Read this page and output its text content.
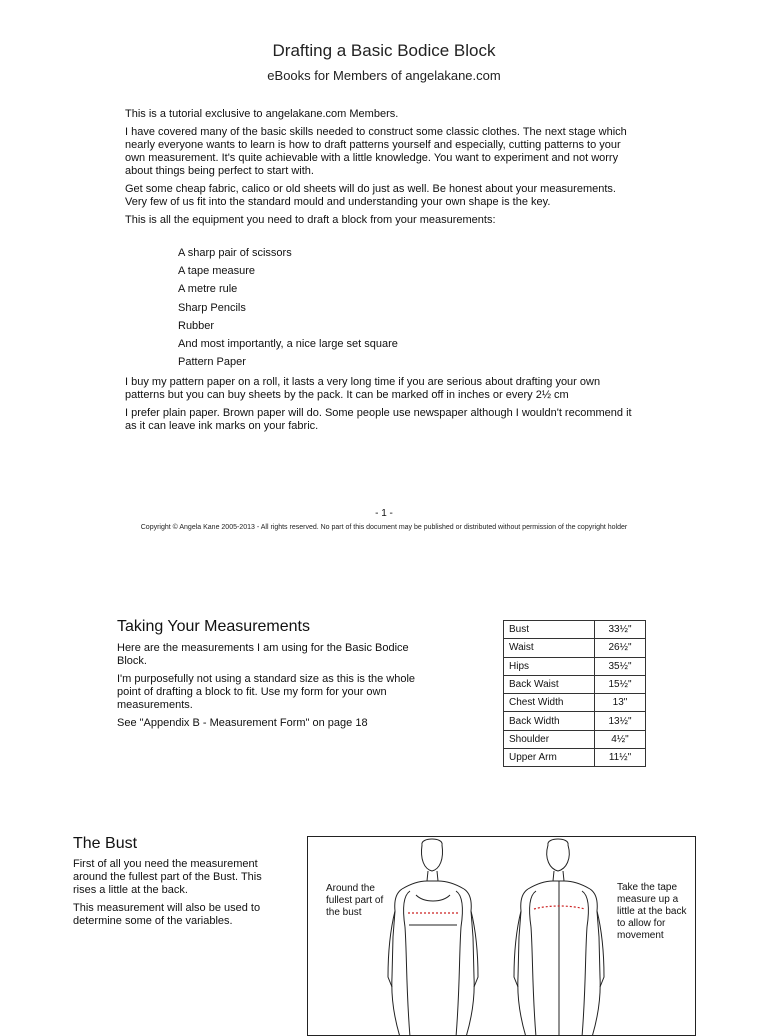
Drafting a Basic Bodice Block
eBooks for Members of angelakane.com

This is a tutorial exclusive to angelakane.com Members.

I have covered many of the basic skills needed to construct some classic clothes. The next stage which nearly everyone wants to learn is how to draft patterns yourself and especially, cutting patterns to your own measurement. It's quite achievable with a little knowledge. You want to experiment and not worry about things being perfect to start with.

Get some cheap fabric, calico or old sheets will do just as well. Be honest about your measurements. Very few of us fit into the standard mould and understanding your own shape is the key.

This is all the equipment you need to draft a block from your measurements:

A sharp pair of scissors
A tape measure
A metre rule
Sharp Pencils
Rubber
And most importantly, a nice large set square
Pattern Paper

I buy my pattern paper on a roll, it lasts a very long time if you are serious about drafting your own patterns but you can buy sheets by the pack. It can be marked off in inches or every 2½ cm

I prefer plain paper. Brown paper will do. Some people use newspaper although I wouldn't recommend it as it can leave ink marks on your fabric.

- 1 -
Copyright © Angela Kane 2005-2013 - All rights reserved. No part of this document may be published or distributed without permission of the copyright holder
Taking Your Measurements

Here are the measurements I am using for the Basic Bodice Block.

I'm purposefully not using a standard size as this is the whole point of drafting a block to fit. Use my form for your own measurements.

See "Appendix B - Measurement Form" on page 18

Bust	33½"
Waist	26½"
Hips	35½"
Back Waist	15½"
Chest Width	13"
Back Width	13½"
Shoulder	4½"
Upper Arm	11½"
The Bust

First of all you need the measurement around the fullest part of the Bust. This rises a little at the back.

This measurement will also be used to determine some of the variables.

Around the fullest part of the bust
Take the tape measure up a little at the back to allow for movement
